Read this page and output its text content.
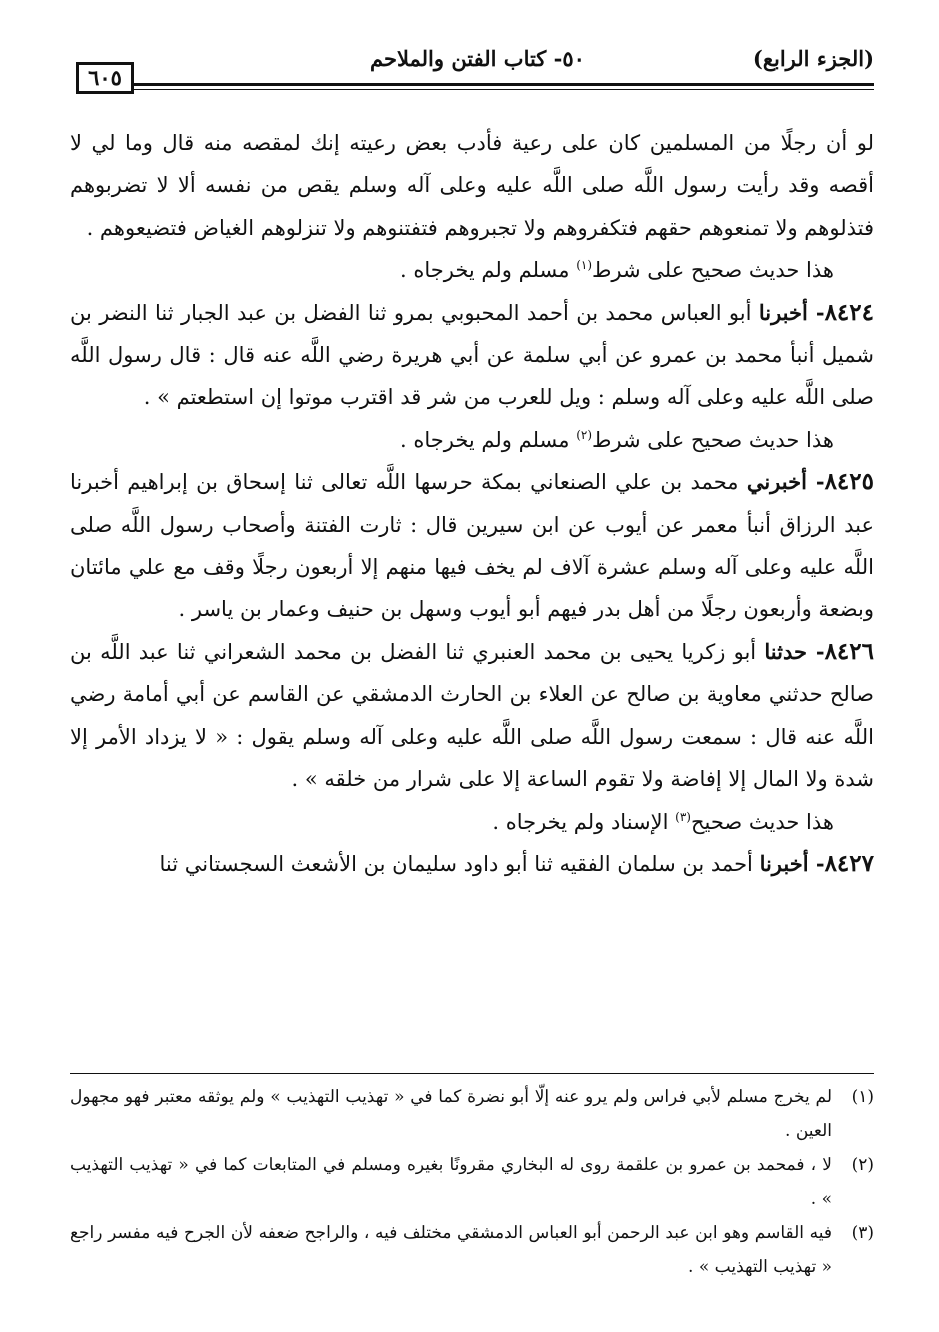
(الجزء الرابع)
٥٠- كتاب الفتن والملاحم
٦٠٥

لو أن رجلًا من المسلمين كان على رعية فأدب بعض رعيته إنك لمقصه منه قال وما لي لا أقصه وقد رأيت رسول اللَّه صلى اللَّه عليه وعلى آله وسلم يقص من نفسه ألا لا تضربوهم فتذلوهم ولا تمنعوهم حقهم فتكفروهم ولا تجبروهم فتفتنوهم ولا تنزلوهم الغياض فتضيعوهم .

هذا حديث صحيح على شرط$^{(١)}$ مسلم ولم يخرجاه .

٨٤٢٤- أخبرنا أبو العباس محمد بن أحمد المحبوبي بمرو ثنا الفضل بن عبد الجبار ثنا النضر بن شميل أنبأ محمد بن عمرو عن أبي سلمة عن أبي هريرة رضي اللَّه عنه قال : قال رسول اللَّه صلى اللَّه عليه وعلى آله وسلم : ويل للعرب من شر قد اقترب موتوا إن استطعتم » .

هذا حديث صحيح على شرط$^{(٢)}$ مسلم ولم يخرجاه .

٨٤٢٥- أخبرني محمد بن علي الصنعاني بمكة حرسها اللَّه تعالى ثنا إسحاق بن إبراهيم أخبرنا عبد الرزاق أنبأ معمر عن أيوب عن ابن سيرين قال : ثارت الفتنة وأصحاب رسول اللَّه صلى اللَّه عليه وعلى آله وسلم عشرة آلاف لم يخف فيها منهم إلا أربعون رجلًا وقف مع علي مائتان وبضعة وأربعون رجلًا من أهل بدر فيهم أبو أيوب وسهل بن حنيف وعمار بن ياسر .

٨٤٢٦- حدثنا أبو زكريا يحيى بن محمد العنبري ثنا الفضل بن محمد الشعراني ثنا عبد اللَّه بن صالح حدثني معاوية بن صالح عن العلاء بن الحارث الدمشقي عن القاسم عن أبي أمامة رضي اللَّه عنه قال : سمعت رسول اللَّه صلى اللَّه عليه وعلى آله وسلم يقول : « لا يزداد الأمر إلا شدة ولا المال إلا إفاضة ولا تقوم الساعة إلا على شرار من خلقه » .

هذا حديث صحيح$^{(٣)}$ الإسناد ولم يخرجاه .

٨٤٢٧- أخبرنا أحمد بن سلمان الفقيه ثنا أبو داود سليمان بن الأشعث السجستاني ثنا

(١)
لم يخرج مسلم لأبي فراس ولم يرو عنه إلّا أبو نضرة كما في « تهذيب التهذيب » ولم يوثقه معتبر فهو مجهول العين .
(٢)
لا ، فمحمد بن عمرو بن علقمة روى له البخاري مقرونًا بغيره ومسلم في المتابعات كما في « تهذيب التهذيب » .
(٣)
فيه القاسم وهو ابن عبد الرحمن أبو العباس الدمشقي مختلف فيه ، والراجح ضعفه لأن الجرح فيه مفسر راجع « تهذيب التهذيب » .
